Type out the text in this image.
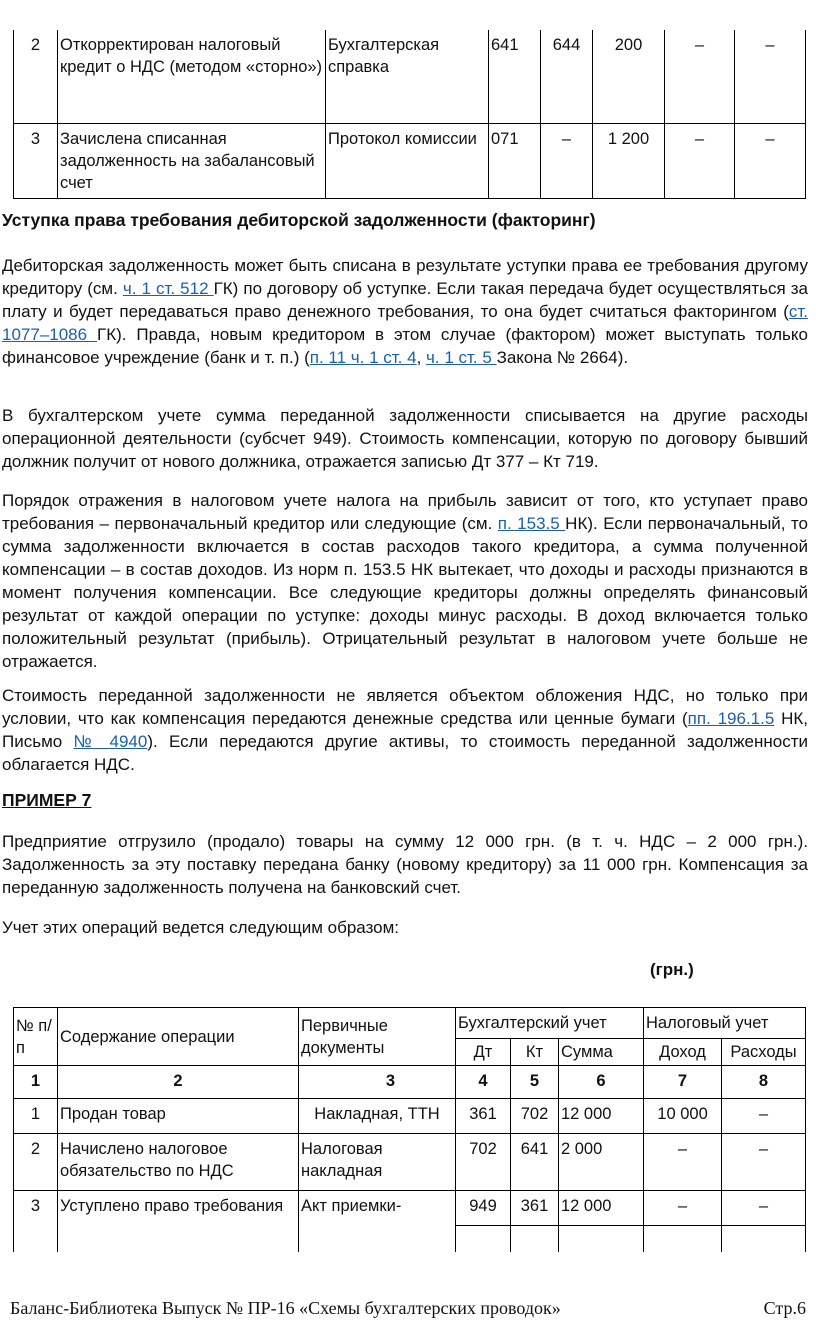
2	Откорректирован налоговый кредит о НДС (методом «сторно»)	Бухгалтерская справка	641	644	200	–	–
3	Зачислена списанная задолженность на забалансовый счет	Протокол комиссии	071	–	1 200	–	–
Уступка права требования дебиторской задолженности (факторинг)

Дебиторская задолженность может быть списана в результате уступки права ее требования другому кредитору (см. ч. 1 ст. 512 ГК) по договору об уступке. Если такая передача будет осуществляться за плату и будет передаваться право денежного требования, то она будет считаться факторингом (ст. 1077–1086 ГК). Правда, новым кредитором в этом случае (фактором) может выступать только финансовое учреждение (банк и т. п.) (п. 11 ч. 1 ст. 4, ч. 1 ст. 5 Закона № 2664).

В бухгалтерском учете сумма переданной задолженности списывается на другие расходы операционной деятельности (субсчет 949). Стоимость компенсации, которую по договору бывший должник получит от нового должника, отражается записью Дт 377 – Кт 719.

Порядок отражения в налоговом учете налога на прибыль зависит от того, кто уступает право требования – первоначальный кредитор или следующие (см. п. 153.5 НК). Если первоначальный, то сумма задолженности включается в состав расходов такого кредитора, а сумма полученной компенсации – в состав доходов. Из норм п. 153.5 НК вытекает, что доходы и расходы признаются в момент получения компенсации. Все следующие кредиторы должны определять финансовый результат от каждой операции по уступке: доходы минус расходы. В доход включается только положительный результат (прибыль). Отрицательный результат в налоговом учете больше не отражается.

Стоимость переданной задолженности не является объектом обложения НДС, но только при условии, что как компенсация передаются денежные средства или ценные бумаги (пп. 196.1.5 НК, Письмо № 4940). Если передаются другие активы, то стоимость переданной задолженности облагается НДС.

ПРИМЕР 7

Предприятие отгрузило (продало) товары на сумму 12 000 грн. (в т. ч. НДС – 2 000 грн.). Задолженность за эту поставку передана банку (новому кредитору) за 11 000 грн. Компенсация за переданную задолженность получена на банковский счет.

Учет этих операций ведется следующим образом:

(грн.)

№ п/п	Содержание операции	Первичные документы	Бухгалтерский учет			Налоговый учет	
			Дт	Кт	Сумма	Доход	Расходы
1	2	3	4	5	6	7	8
1	Продан товар	Накладная, ТТН	361	702	12 000	10 000	–
2	Начислено налоговое обязательство по НДС	Налоговая накладная	702	641	2 000	–	–
3	Уступлено право требования	Акт приемки-	949	361	12 000	–	–

Баланс-Библиотека Выпуск № ПР-16 «Схемы бухгалтерских проводок»	Стр.6
